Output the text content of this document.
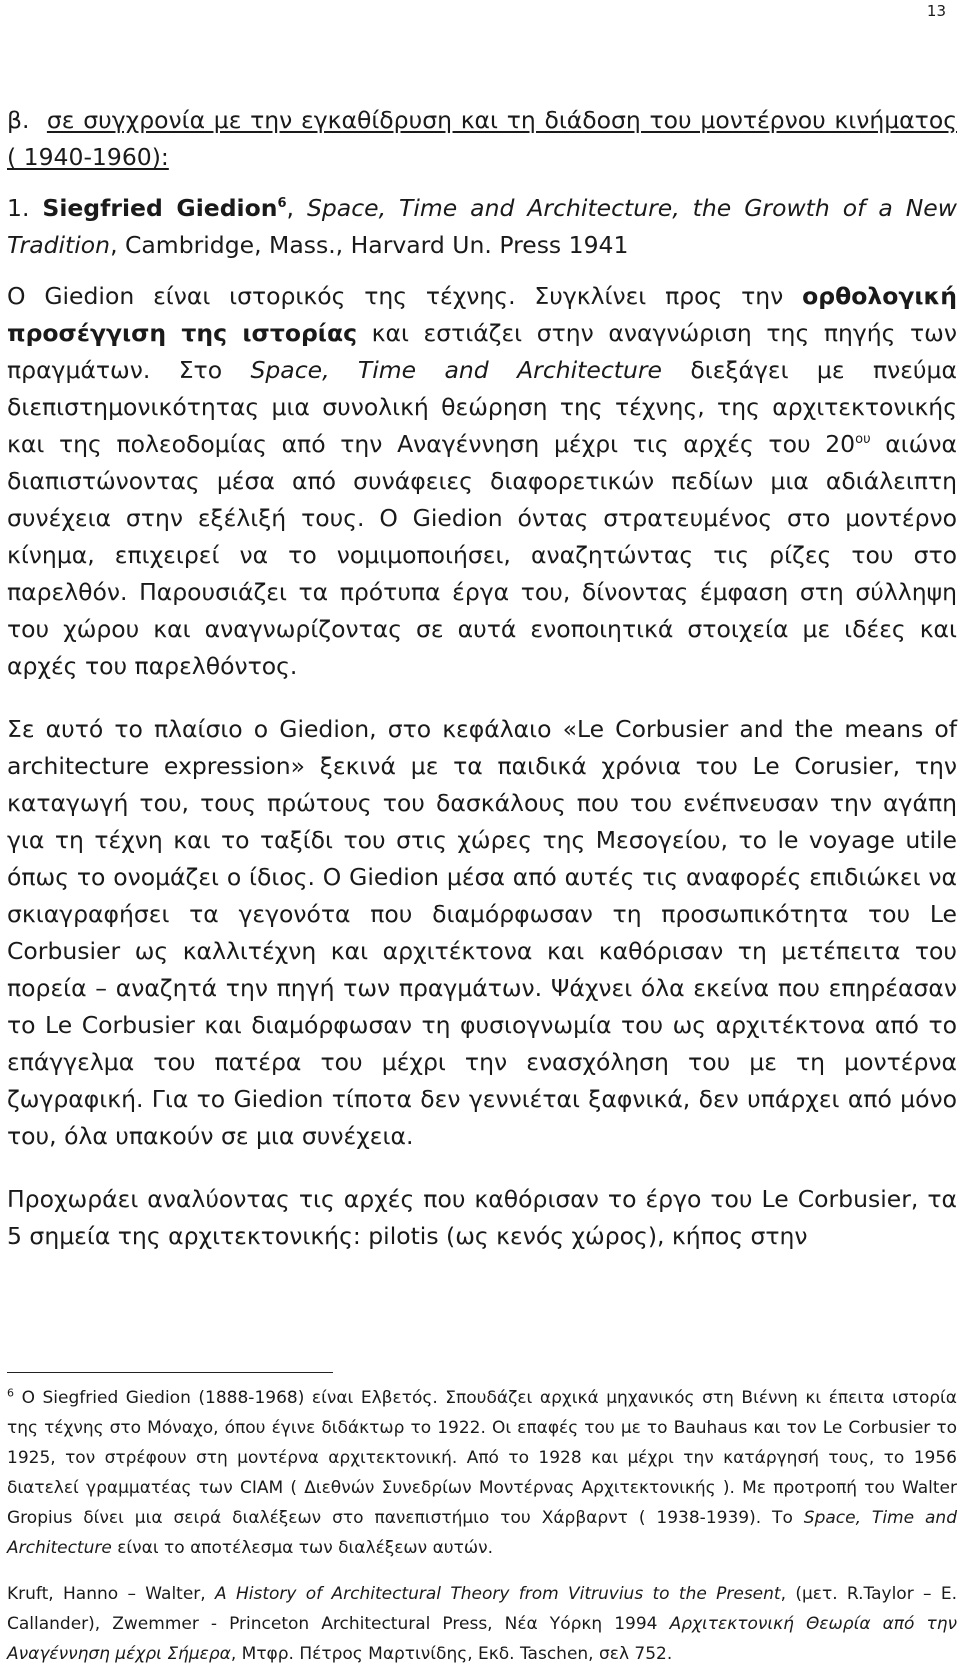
13

β. σε συγχρονία με την εγκαθίδρυση και τη διάδοση του μοντέρνου κινήματος ( 1940-1960):

1. Siegfried Giedion$^6$, Space, Time and Architecture, the Growth of a New Tradition, Cambridge, Mass., Harvard Un. Press 1941

Ο Giedion είναι ιστορικός της τέχνης. Συγκλίνει προς την ορθολογική προσέγγιση της ιστορίας και εστιάζει στην αναγνώριση της πηγής των πραγμάτων. Στο Space, Time and Architecture διεξάγει με πνεύμα διεπιστημονικότητας μια συνολική θεώρηση της τέχνης, της αρχιτεκτονικής και της πολεοδομίας από την Αναγέννηση μέχρι τις αρχές του $20^{o\upsilon}$ αιώνα διαπιστώνοντας μέσα από συνάφειες διαφορετικών πεδίων μια αδιάλειπτη συνέχεια στην εξέλιξή τους. Ο Giedion όντας στρατευμένος στο μοντέρνο κίνημα, επιχειρεί να το νομιμοποιήσει, αναζητώντας τις ρίζες του στο παρελθόν. Παρουσιάζει τα πρότυπα έργα του, δίνοντας έμφαση στη σύλληψη του χώρου και αναγνωρίζοντας σε αυτά ενοποιητικά στοιχεία με ιδέες και αρχές του παρελθόντος.

Σε αυτό το πλαίσιο ο Giedion, στο κεφάλαιο «Le Corbusier and the means of architecture expression» ξεκινά με τα παιδικά χρόνια του Le Corusier, την καταγωγή του, τους πρώτους του δασκάλους που του ενέπνευσαν την αγάπη για τη τέχνη και το ταξίδι του στις χώρες της Μεσογείου, το le voyage utile όπως το ονομάζει ο ίδιος. Ο Giedion μέσα από αυτές τις αναφορές επιδιώκει να σκιαγραφήσει τα γεγονότα που διαμόρφωσαν τη προσωπικότητα του Le Corbusier ως καλλιτέχνη και αρχιτέκτονα και καθόρισαν τη μετέπειτα του πορεία – αναζητά την πηγή των πραγμάτων. Ψάχνει όλα εκείνα που επηρέασαν το Le Corbusier και διαμόρφωσαν τη φυσιογνωμία του ως αρχιτέκτονα από το επάγγελμα του πατέρα του μέχρι την ενασχόληση του με τη μοντέρνα ζωγραφική. Για το Giedion τίποτα δεν γεννιέται ξαφνικά, δεν υπάρχει από μόνο του, όλα υπακούν σε μια συνέχεια.

Προχωράει αναλύοντας τις αρχές που καθόρισαν το έργο του Le Corbusier, τα 5 σημεία της αρχιτεκτονικής: pilotis (ως κενός χώρος), κήπος στην

$^6$ Ο Siegfried Giedion (1888-1968) είναι Ελβετός. Σπουδάζει αρχικά μηχανικός στη Βιέννη κι έπειτα ιστορία της τέχνης στο Μόναχο, όπου έγινε διδάκτωρ το 1922. Οι επαφές του με το Bauhaus και τον Le Corbusier το 1925, τον στρέφουν στη μοντέρνα αρχιτεκτονική. Από το 1928 και μέχρι την κατάργησή τους, το 1956 διατελεί γραμματέας των CIAM ( Διεθνών Συνεδρίων Μοντέρνας Αρχιτεκτονικής ). Με προτροπή του Walter Gropius δίνει μια σειρά διαλέξεων στο πανεπιστήμιο του Χάρβαρντ ( 1938-1939). Το Space, Time and Architecture είναι το αποτέλεσμα των διαλέξεων αυτών.

Kruft, Hanno – Walter, A History of Architectural Theory from Vitruvius to the Present, (μετ. R.Taylor – E. Callander), Zwemmer - Princeton Architectural Press, Νέα Υόρκη 1994 Αρχιτεκτονική Θεωρία από την Αναγέννηση μέχρι Σήμερα, Μτφρ. Πέτρος Μαρτινίδης, Εκδ. Taschen, σελ 752.
